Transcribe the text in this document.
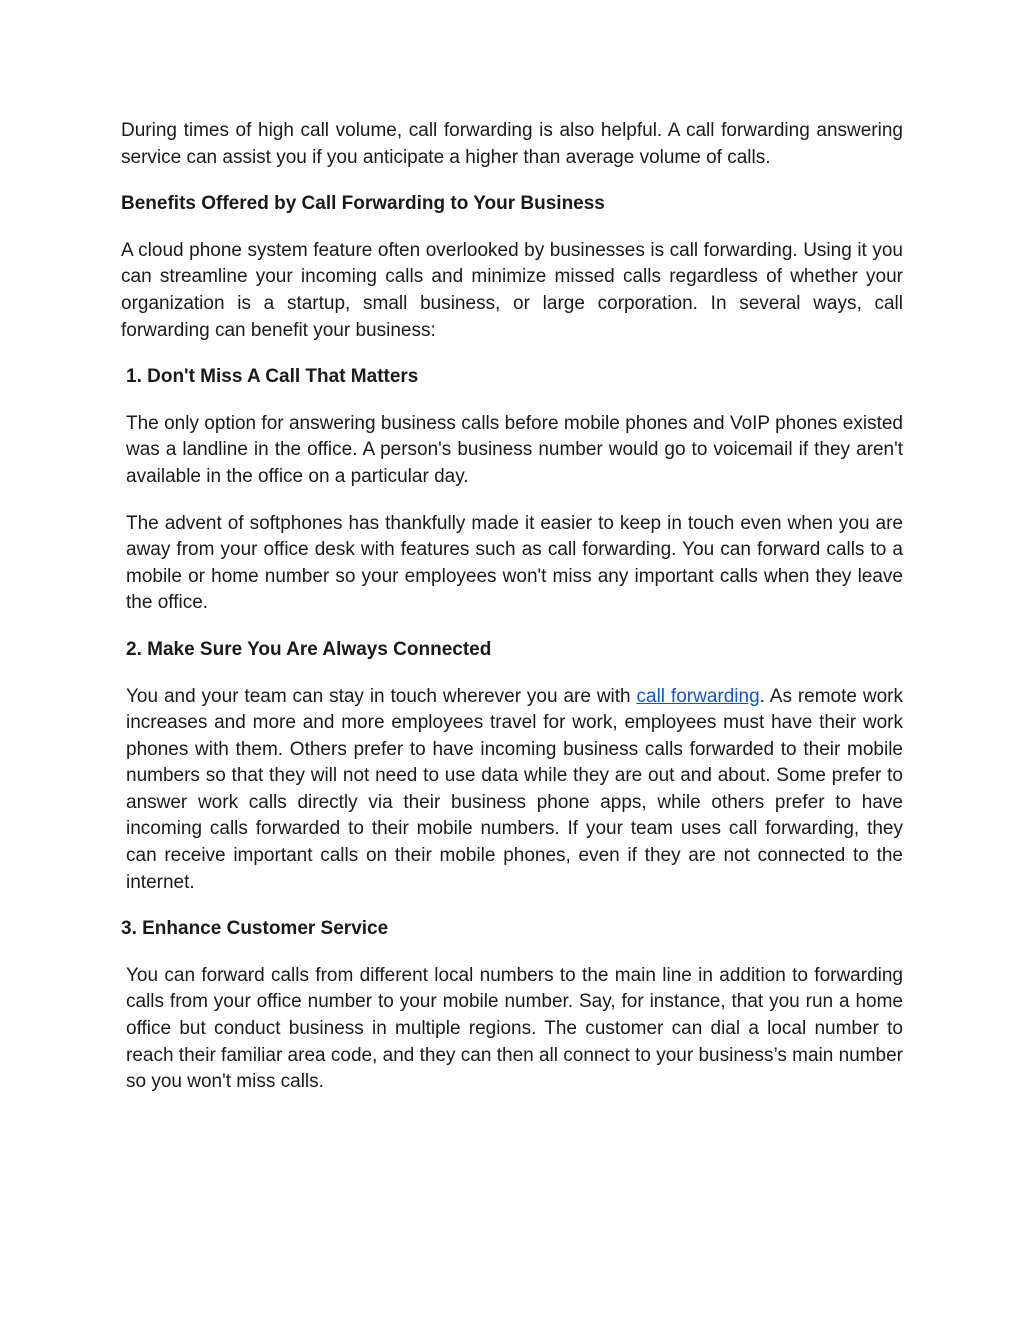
During times of high call volume, call forwarding is also helpful. A call forwarding answering service can assist you if you anticipate a higher than average volume of calls.

Benefits Offered by Call Forwarding to Your Business

A cloud phone system feature often overlooked by businesses is call forwarding. Using it you can streamline your incoming calls and minimize missed calls regardless of whether your organization is a startup, small business, or large corporation. In several ways, call forwarding can benefit your business:

1. Don't Miss A Call That Matters

The only option for answering business calls before mobile phones and VoIP phones existed was a landline in the office. A person's business number would go to voicemail if they aren't available in the office on a particular day.

The advent of softphones has thankfully made it easier to keep in touch even when you are away from your office desk with features such as call forwarding. You can forward calls to a mobile or home number so your employees won't miss any important calls when they leave the office.

2. Make Sure You Are Always Connected

You and your team can stay in touch wherever you are with call forwarding. As remote work increases and more and more employees travel for work, employees must have their work phones with them. Others prefer to have incoming business calls forwarded to their mobile numbers so that they will not need to use data while they are out and about. Some prefer to answer work calls directly via their business phone apps, while others prefer to have incoming calls forwarded to their mobile numbers. If your team uses call forwarding, they can receive important calls on their mobile phones, even if they are not connected to the internet.

3. Enhance Customer Service

You can forward calls from different local numbers to the main line in addition to forwarding calls from your office number to your mobile number. Say, for instance, that you run a home office but conduct business in multiple regions. The customer can dial a local number to reach their familiar area code, and they can then all connect to your business’s main number so you won't miss calls.
